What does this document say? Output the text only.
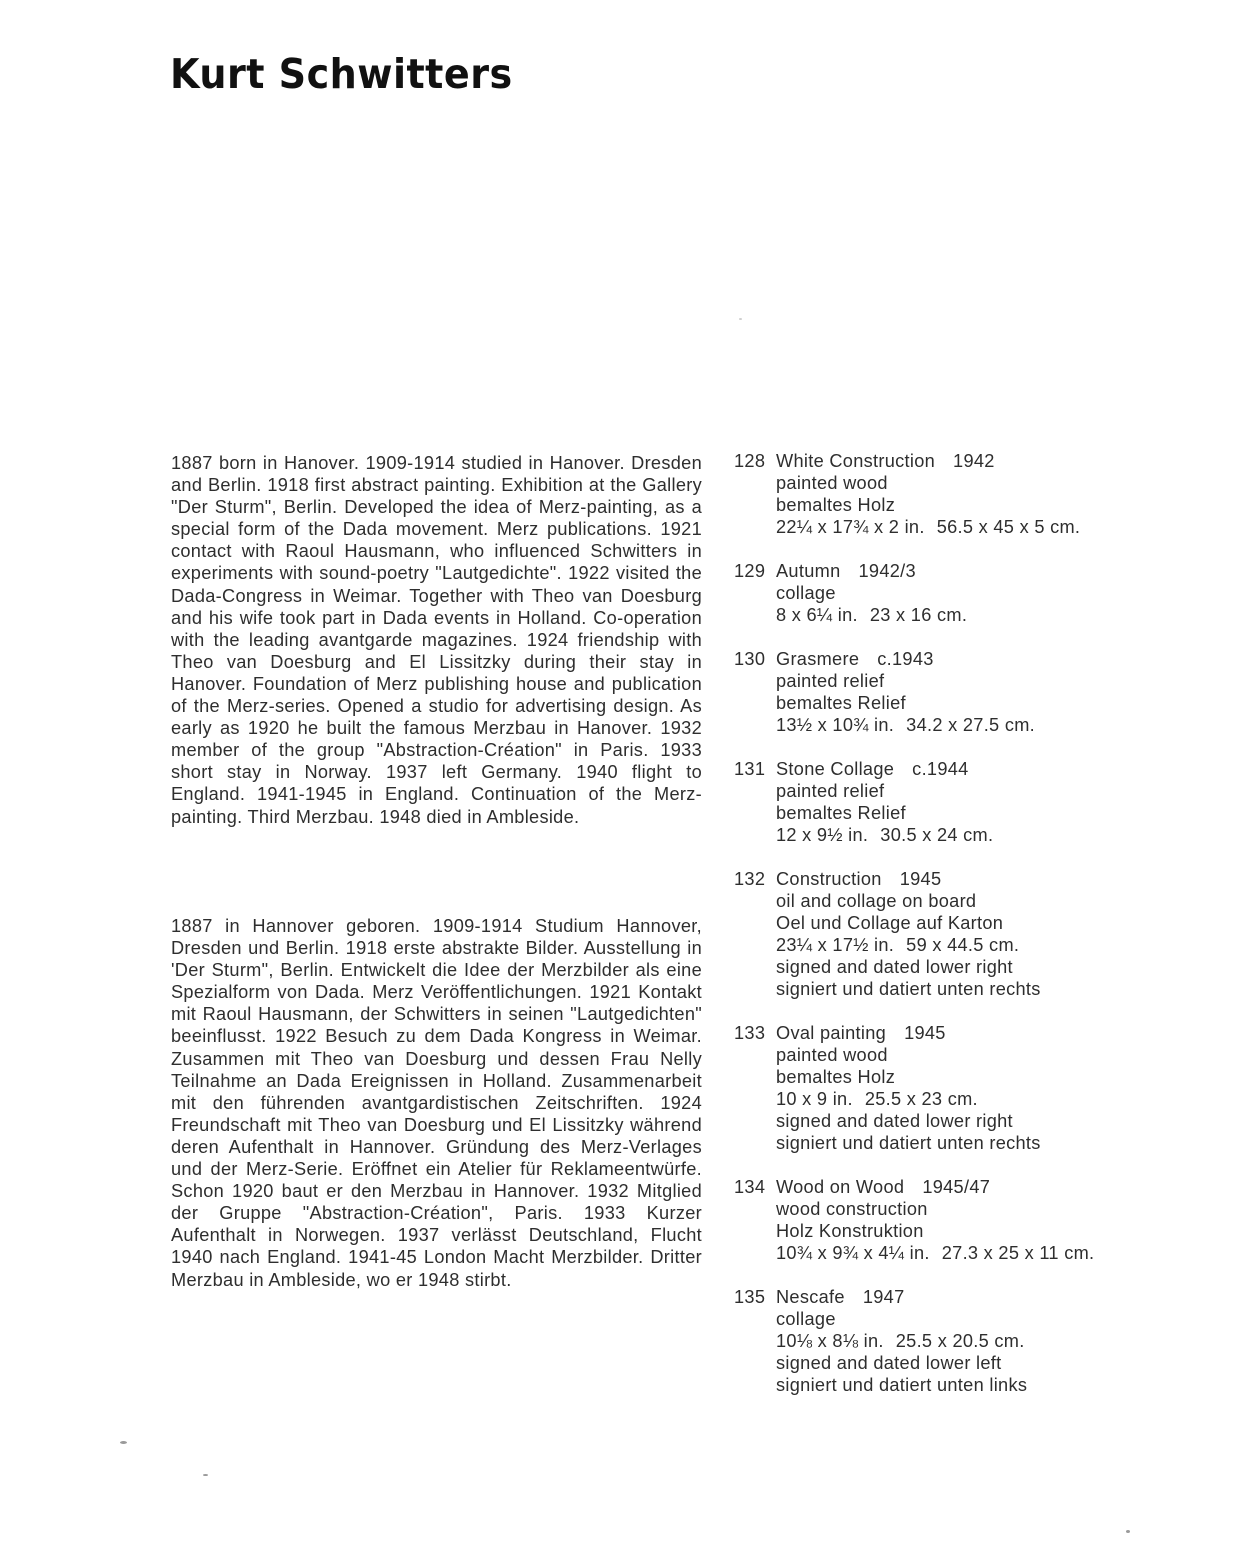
Kurt Schwitters

1887 born in Hanover. 1909-1914 studied in Hanover. Dresden and Berlin. 1918 first abstract painting. Exhibition at the Gallery "Der Sturm", Berlin. Developed the idea of Merz-painting, as a special form of the Dada movement. Merz publications. 1921 contact with Raoul Hausmann, who influenced Schwitters in experiments with sound-poetry "Lautgedichte". 1922 visited the Dada-Congress in Weimar. Together with Theo van Doesburg and his wife took part in Dada events in Holland. Co-operation with the leading avantgarde magazines. 1924 friendship with Theo van Doesburg and El Lissitzky during their stay in Hanover. Foundation of Merz publishing house and publication of the Merz-series. Opened a studio for advertising design. As early as 1920 he built the famous Merzbau in Hanover. 1932 member of the group "Abstraction-Création" in Paris. 1933 short stay in Norway. 1937 left Germany. 1940 flight to England. 1941-1945 in England. Continuation of the Merz-painting. Third Merzbau. 1948 died in Ambleside.

1887 in Hannover geboren. 1909-1914 Studium Hannover, Dresden und Berlin. 1918 erste abstrakte Bilder. Ausstellung in 'Der Sturm", Berlin. Entwickelt die Idee der Merzbilder als eine Spezialform von Dada. Merz Veröffentlichungen. 1921 Kontakt mit Raoul Hausmann, der Schwitters in seinen "Lautgedichten" beeinflusst. 1922 Besuch zu dem Dada Kongress in Weimar. Zusammen mit Theo van Doesburg und dessen Frau Nelly Teilnahme an Dada Ereignissen in Holland. Zusammenarbeit mit den führenden avantgardistischen Zeitschriften. 1924 Freundschaft mit Theo van Doesburg und El Lissitzky während deren Aufenthalt in Hannover. Gründung des Merz-Verlages und der Merz-Serie. Eröffnet ein Atelier für Reklameentwürfe. Schon 1920 baut er den Merzbau in Hannover. 1932 Mitglied der Gruppe "Abstraction-Création", Paris. 1933 Kurzer Aufenthalt in Norwegen. 1937 verlässt Deutschland, Flucht 1940 nach England. 1941-45 London Macht Merzbilder. Dritter Merzbau in Ambleside, wo er 1948 stirbt.

128 White Construction 1942
painted wood
bemaltes Holz
22¼ x 17¾ x 2 in. 56.5 x 45 x 5 cm.
129 Autumn 1942/3
collage
8 x 6¼ in. 23 x 16 cm.
130 Grasmere c.1943
painted relief
bemaltes Relief
13½ x 10¾ in. 34.2 x 27.5 cm.
131 Stone Collage c.1944
painted relief
bemaltes Relief
12 x 9½ in. 30.5 x 24 cm.
132 Construction 1945
oil and collage on board
Oel und Collage auf Karton
23¼ x 17½ in. 59 x 44.5 cm.
signed and dated lower right
signiert und datiert unten rechts
133 Oval painting 1945
painted wood
bemaltes Holz
10 x 9 in. 25.5 x 23 cm.
signed and dated lower right
signiert und datiert unten rechts
134 Wood on Wood 1945/47
wood construction
Holz Konstruktion
10¾ x 9¾ x 4¼ in. 27.3 x 25 x 11 cm.
135 Nescafe 1947
collage
10⅛ x 8⅛ in. 25.5 x 20.5 cm.
signed and dated lower left
signiert und datiert unten links
